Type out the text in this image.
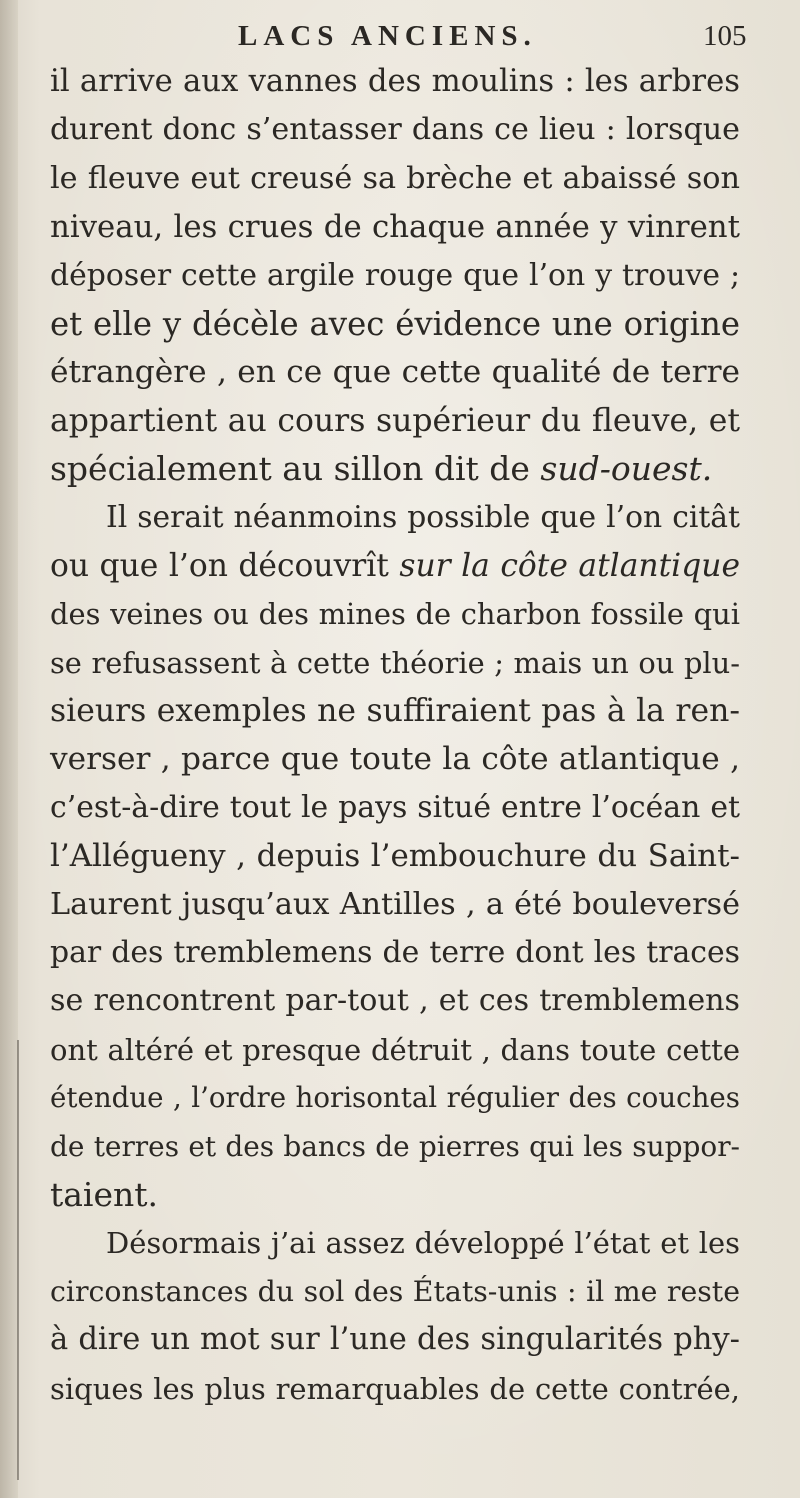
LACS ANCIENS.	105
il arrive aux vannes des moulins : les arbres
durent donc s’entasser dans ce lieu : lorsque
le fleuve eut creusé sa brèche et abaissé son
niveau, les crues de chaque année y vinrent
déposer cette argile rouge que l’on y trouve ;
et elle y décèle avec évidence une origine
étrangère , en ce que cette qualité de terre
appartient au cours supérieur du fleuve, et
spécialement au sillon dit de sud-ouest.
Il serait néanmoins possible que l’on citât
ou que l’on découvrît sur la côte atlantique
des veines ou des mines de charbon fossile qui
se refusassent à cette théorie ; mais un ou plu-
sieurs exemples ne suffiraient pas à la ren-
verser , parce que toute la côte atlantique ,
c’est-à-dire tout le pays situé entre l’océan et
l’Allégueny , depuis l’embouchure du Saint-
Laurent jusqu’aux Antilles , a été bouleversé
par des tremblemens de terre dont les traces
se rencontrent par-tout , et ces tremblemens
ont altéré et presque détruit , dans toute cette
étendue , l’ordre horisontal régulier des couches
de terres et des bancs de pierres qui les suppor-
taient.
Désormais j’ai assez développé l’état et les
circonstances du sol des États-unis : il me reste
à dire un mot sur l’une des singularités phy-
siques les plus remarquables de cette contrée,
